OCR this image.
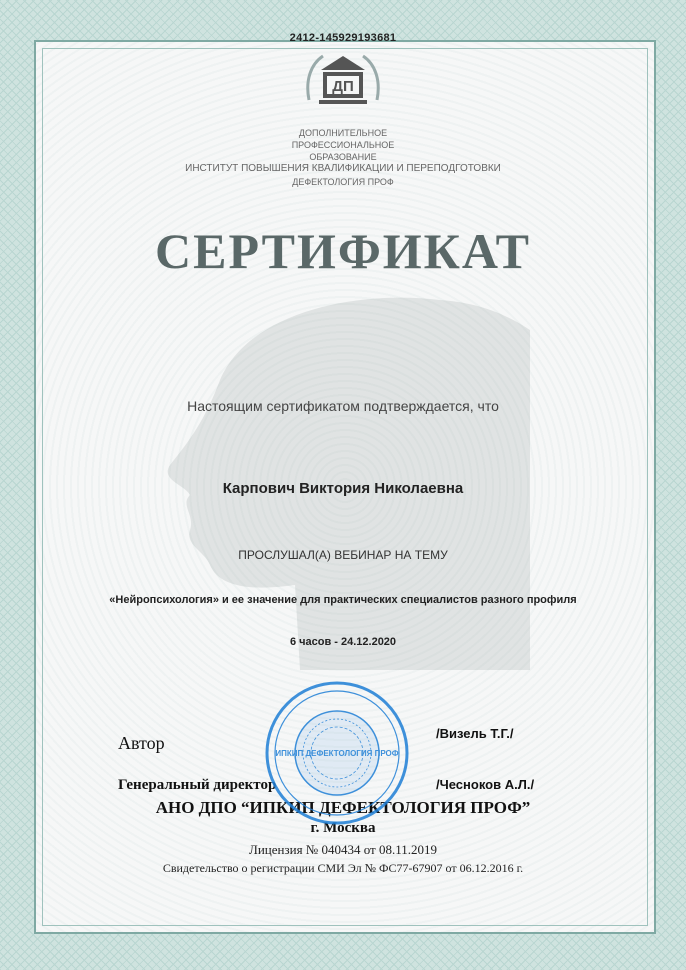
2412-145929193681
ДП
ДОПОЛНИТЕЛЬНОЕ
ПРОФЕССИОНАЛЬНОЕ
ОБРАЗОВАНИЕ
ИНСТИТУТ ПОВЫШЕНИЯ КВАЛИФИКАЦИИ И ПЕРЕПОДГОТОВКИ
ДЕФЕКТОЛОГИЯ ПРОФ
СЕРТИФИКАТ
Настоящим сертификатом подтверждается, что
Карпович Виктория Николаевна
ПРОСЛУШАЛ(А) ВЕБИНАР НА ТЕМУ
«Нейропсихология» и ее значение для практических специалистов разного профиля
6 часов - 24.12.2020
Автор	/Визель Т.Г./
Генеральный директор	/Чесноков А.Л./
АНО ДПО “ИПКИП ДЕФЕКТОЛОГИЯ ПРОФ”
г. Москва
Лицензия № 040434 от 08.11.2019
Свидетельство о регистрации СМИ Эл № ФС77-67907 от 06.12.2016 г.
ИПКИП ДЕФЕКТОЛОГИЯ ПРОФ
